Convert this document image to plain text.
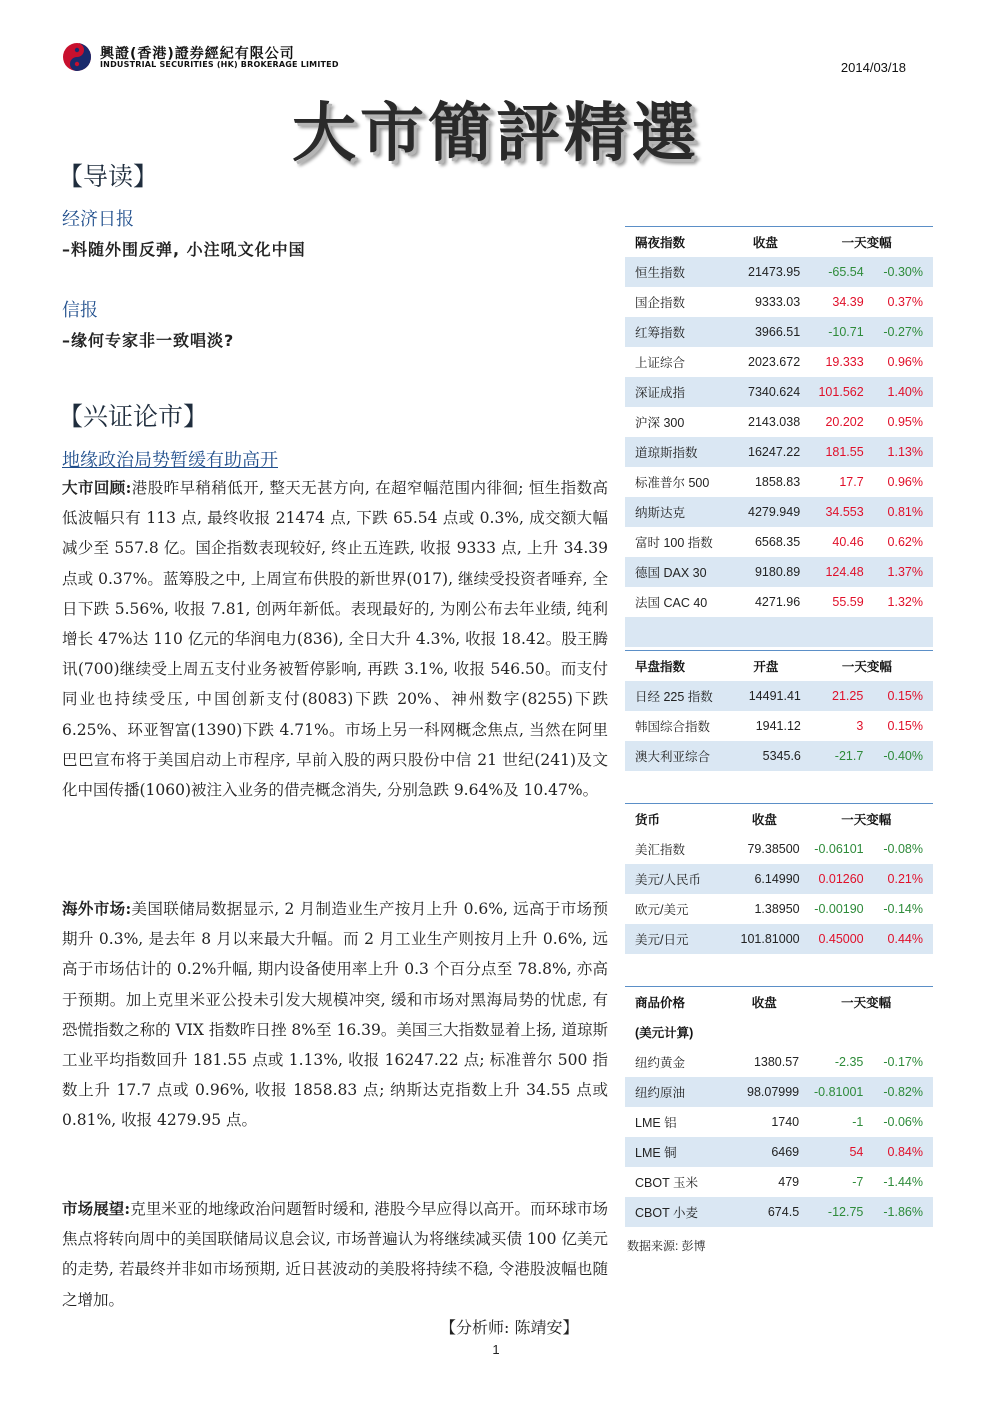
興證(香港)證券經紀有限公司
INDUSTRIAL SECURITIES (HK) BROKERAGE LIMITED	2014/03/18
大市簡評精選
【导读】
经济日报
–料随外围反弹, 小注吼文化中国
信报
–缘何专家非一致唱淡?
【兴证论市】
地缘政治局势暂缓有助高开
大市回顾:港股昨早稍稍低开, 整天无甚方向, 在超窄幅范围内徘徊; 恒生指数高低波幅只有 113 点, 最终收报 21474 点, 下跌 65.54 点或 0.3%, 成交额大幅减少至 557.8 亿。国企指数表现较好, 终止五连跌, 收报 9333 点, 上升 34.39 点或 0.37%。蓝筹股之中, 上周宣布供股的新世界(017), 继续受投资者唾弃, 全日下跌 5.56%, 收报 7.81, 创两年新低。表现最好的, 为刚公布去年业绩, 纯利增长 47%达 110 亿元的华润电力(836), 全日大升 4.3%, 收报 18.42。股王腾讯(700)继续受上周五支付业务被暂停影响, 再跌 3.1%, 收报 546.50。而支付同业也持续受压, 中国创新支付(8083)下跌 20%、神州数字(8255)下跌 6.25%、环亚智富(1390)下跌 4.71%。市场上另一科网概念焦点, 当然在阿里巴巴宣布将于美国启动上市程序, 早前入股的两只股份中信 21 世纪(241)及文化中国传播(1060)被注入业务的借壳概念消失, 分别急跌 9.64%及 10.47%。
海外市场:美国联储局数据显示, 2 月制造业生产按月上升 0.6%, 远高于市场预期升 0.3%, 是去年 8 月以来最大升幅。而 2 月工业生产则按月上升 0.6%, 远高于市场估计的 0.2%升幅, 期内设备使用率上升 0.3 个百分点至 78.8%, 亦高于预期。加上克里米亚公投未引发大规模冲突, 缓和市场对黑海局势的忧虑, 有恐慌指数之称的 VIX 指数昨日挫 8%至 16.39。美国三大指数显着上扬, 道琼斯工业平均指数回升 181.55 点或 1.13%, 收报 16247.22 点; 标准普尔 500 指数上升 17.7 点或 0.96%, 收报 1858.83 点; 纳斯达克指数上升 34.55 点或 0.81%, 收报 4279.95 点。
市场展望:克里米亚的地缘政治问题暂时缓和, 港股今早应得以高开。而环球市场焦点将转向周中的美国联储局议息会议, 市场普遍认为将继续减买债 100 亿美元的走势, 若最终并非如市场预期, 近日甚波动的美股将持续不稳, 令港股波幅也随之增加。
【分析师: 陈靖安】
隔夜指数	收盘	一天变幅	
恒生指数	21473.95	-65.54	-0.30%
国企指数	9333.03	34.39	0.37%
红筹指数	3966.51	-10.71	-0.27%
上证综合	2023.672	19.333	0.96%
深证成指	7340.624	101.562	1.40%
沪深 300	2143.038	20.202	0.95%
道琼斯指数	16247.22	181.55	1.13%
标准普尔 500	1858.83	17.7	0.96%
纳斯达克	4279.949	34.553	0.81%
富时 100 指数	6568.35	40.46	0.62%
德国 DAX 30	9180.89	124.48	1.37%
法国 CAC 40	4271.96	55.59	1.32%

早盘指数	开盘	一天变幅	
日经 225 指数	14491.41	21.25	0.15%
韩国综合指数	1941.12	3	0.15%
澳大利亚综合	5345.6	-21.7	-0.40%
货币	收盘	一天变幅	
美汇指数	79.38500	-0.06101	-0.08%
美元/人民币	6.14990	0.01260	0.21%
欧元/美元	1.38950	-0.00190	-0.14%
美元/日元	101.81000	0.45000	0.44%
商品价格	收盘	一天变幅	
(美元计算)			
纽约黄金	1380.57	-2.35	-0.17%
纽约原油	98.07999	-0.81001	-0.82%
LME 铝	1740	-1	-0.06%
LME 铜	6469	54	0.84%
CBOT 玉米	479	-7	-1.44%
CBOT 小麦	674.5	-12.75	-1.86%
数据来源: 彭博
1
